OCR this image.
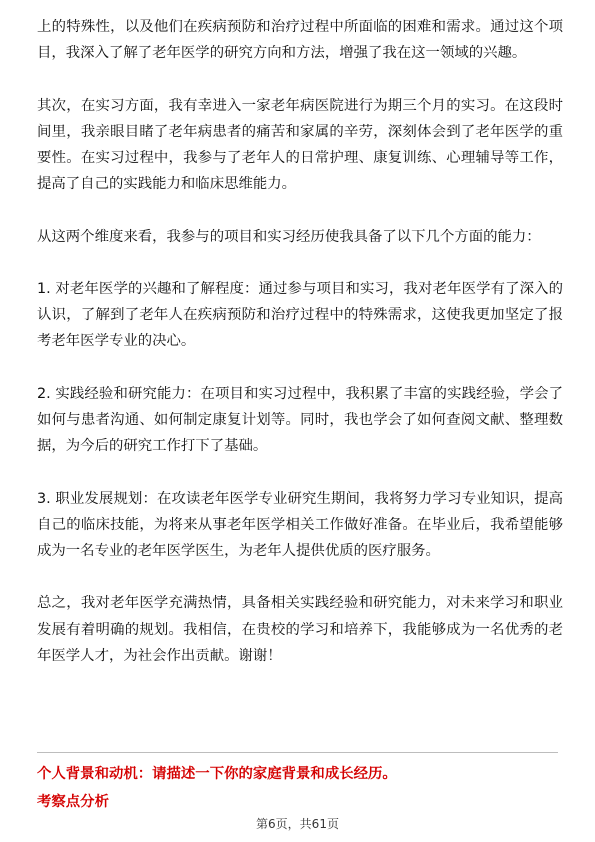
上的特殊性，以及他们在疾病预防和治疗过程中所面临的困难和需求。通过这个项目，我深入了解了老年医学的研究方向和方法，增强了我在这一领域的兴趣。

其次，在实习方面，我有幸进入一家老年病医院进行为期三个月的实习。在这段时间里，我亲眼目睹了老年病患者的痛苦和家属的辛劳，深刻体会到了老年医学的重要性。在实习过程中，我参与了老年人的日常护理、康复训练、心理辅导等工作，提高了自己的实践能力和临床思维能力。

从这两个维度来看，我参与的项目和实习经历使我具备了以下几个方面的能力：

1. 对老年医学的兴趣和了解程度：通过参与项目和实习，我对老年医学有了深入的认识，了解到了老年人在疾病预防和治疗过程中的特殊需求，这使我更加坚定了报考老年医学专业的决心。

2. 实践经验和研究能力：在项目和实习过程中，我积累了丰富的实践经验，学会了如何与患者沟通、如何制定康复计划等。同时，我也学会了如何查阅文献、整理数据，为今后的研究工作打下了基础。

3. 职业发展规划：在攻读老年医学专业研究生期间，我将努力学习专业知识，提高自己的临床技能，为将来从事老年医学相关工作做好准备。在毕业后，我希望能够成为一名专业的老年医学医生，为老年人提供优质的医疗服务。

总之，我对老年医学充满热情，具备相关实践经验和研究能力，对未来学习和职业发展有着明确的规划。我相信，在贵校的学习和培养下，我能够成为一名优秀的老年医学人才，为社会作出贡献。谢谢！

个人背景和动机：请描述一下你的家庭背景和成长经历。
考察点分析
第6页，共61页
